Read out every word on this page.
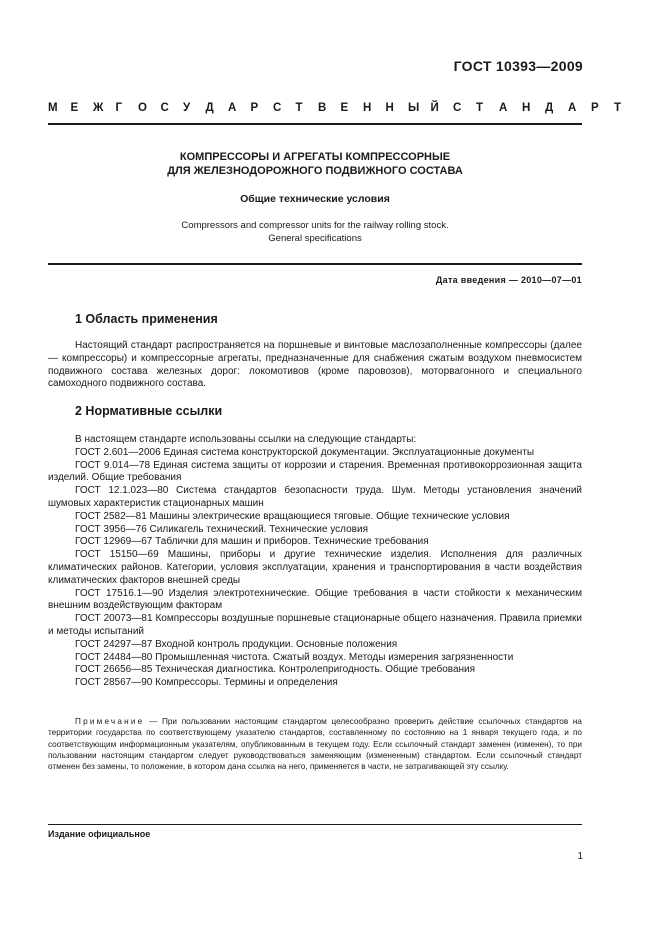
ГОСТ 10393—2009
М	Е	Ж	Г	О	С	У	Д	А	Р	С	Т	В	Е	Н	Н	Ы Й	С	Т	А	Н	Д	А	Р	Т
КОМПРЕССОРЫ И АГРЕГАТЫ КОМПРЕССОРНЫЕ
ДЛЯ ЖЕЛЕЗНОДОРОЖНОГО ПОДВИЖНОГО СОСТАВА
Общие технические условия
Compressors and compressor units for the railway rolling stock.
General specifications
Дата введения — 2010—07—01
1 Область применения

Настоящий стандарт распространяется на поршневые и винтовые маслозаполненные компрессоры (далее — компрессоры) и компрессорные агрегаты, предназначенные для снабжения сжатым воздухом пневмосистем подвижного состава железных дорог: локомотивов (кроме паровозов), моторвагонного и специального самоходного подвижного состава.

2 Нормативные ссылки

В настоящем стандарте использованы ссылки на следующие стандарты:

ГОСТ 2.601—2006 Единая система конструкторской документации. Эксплуатационные документы

ГОСТ 9.014—78 Единая система защиты от коррозии и старения. Временная противокоррозионная защита изделий. Общие требования

ГОСТ 12.1.023—80 Система стандартов безопасности труда. Шум. Методы установления значений шумовых характеристик стационарных машин

ГОСТ 2582—81 Машины электрические вращающиеся тяговые. Общие технические условия

ГОСТ 3956—76 Силикагель технический. Технические условия

ГОСТ 12969—67 Таблички для машин и приборов. Технические требования

ГОСТ 15150—69 Машины, приборы и другие технические изделия. Исполнения для различных климатических районов. Категории, условия эксплуатации, хранения и транспортирования в части воздействия климатических факторов внешней среды

ГОСТ 17516.1—90 Изделия электротехнические. Общие требования в части стойкости к механическим внешним воздействующим факторам

ГОСТ 20073—81 Компрессоры воздушные поршневые стационарные общего назначения. Правила приемки и методы испытаний

ГОСТ 24297—87 Входной контроль продукции. Основные положения

ГОСТ 24484—80 Промышленная чистота. Сжатый воздух. Методы измерения загрязненности

ГОСТ 26656—85 Техническая диагностика. Контролепригодность. Общие требования

ГОСТ 28567—90 Компрессоры. Термины и определения

Примечание — При пользовании настоящим стандартом целесообразно проверить действие ссылочных стандартов на территории государства по соответствующему указателю стандартов, составленному по состоянию на 1 января текущего года, и по соответствующим информационным указателям, опубликованным в текущем году. Если ссылочный стандарт заменен (изменен), то при пользовании настоящим стандартом следует руководствоваться заменяющим (измененным) стандартом. Если ссылочный стандарт отменен без замены, то положение, в котором дана ссылка на него, применяется в части, не затрагивающей эту ссылку.
Издание официальное
1
